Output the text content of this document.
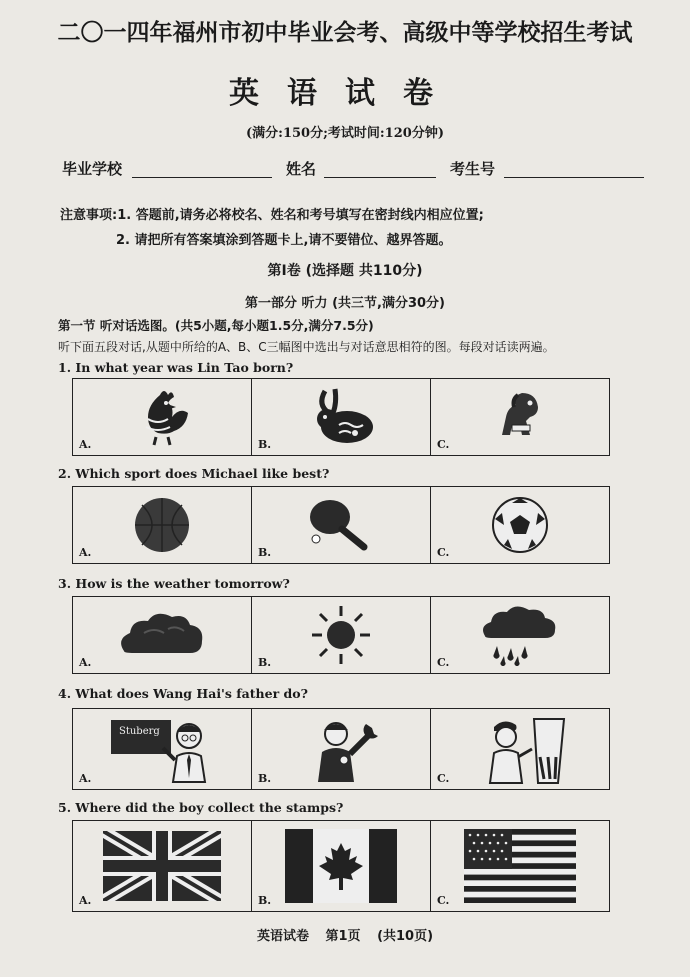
二〇一四年福州市初中毕业会考、高级中等学校招生考试
英语试卷
(满分:150分;考试时间:120分钟)
毕业学校	姓名	考生号
注意事项:1. 答题前,请务必将校名、姓名和考号填写在密封线内相应位置;
2. 请把所有答案填涂到答题卡上,请不要错位、越界答题。
第Ⅰ卷 (选择题 共110分)
第一部分 听力 (共三节,满分30分)
第一节 听对话选图。(共5小题,每小题1.5分,满分7.5分)
听下面五段对话,从题中所给的A、B、C三幅图中选出与对话意思相符的图。每段对话读两遍。
1. In what year was Lin Tao born?
A.	B.	C.
2. Which sport does Michael like best?
A.	B.	C.
3. How is the weather tomorrow?
A.	B.	C.
4. What does Wang Hai's father do?
Stuberg
A.	B.	C.
5. Where did the boy collect the stamps?
A.	B.	C.
英语试卷 第1页 (共10页)
